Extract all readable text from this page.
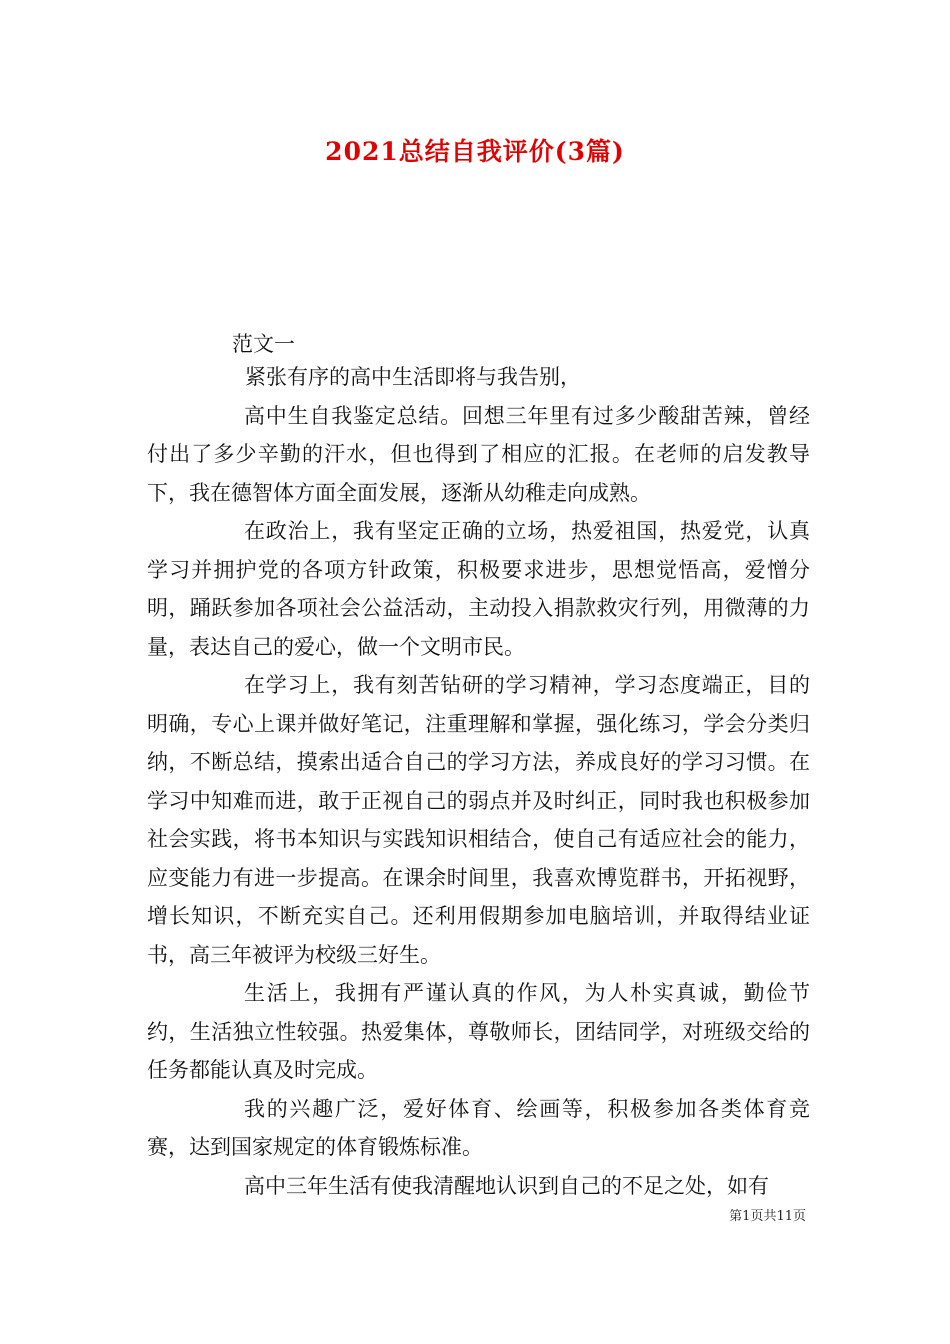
2021总结自我评价(3篇)
范文一

紧张有序的高中生活即将与我告别，

高中生自我鉴定总结。回想三年里有过多少酸甜苦辣，曾经付出了多少辛勤的汗水，但也得到了相应的汇报。在老师的启发教导下，我在德智体方面全面发展，逐渐从幼稚走向成熟。

在政治上，我有坚定正确的立场，热爱祖国，热爱党，认真学习并拥护党的各项方针政策，积极要求进步，思想觉悟高，爱憎分明，踊跃参加各项社会公益活动，主动投入捐款救灾行列，用微薄的力量，表达自己的爱心，做一个文明市民。

在学习上，我有刻苦钻研的学习精神，学习态度端正，目的明确，专心上课并做好笔记，注重理解和掌握，强化练习，学会分类归纳，不断总结，摸索出适合自己的学习方法，养成良好的学习习惯。在学习中知难而进，敢于正视自己的弱点并及时纠正，同时我也积极参加社会实践，将书本知识与实践知识相结合，使自己有适应社会的能力，应变能力有进一步提高。在课余时间里，我喜欢博览群书，开拓视野，增长知识，不断充实自己。还利用假期参加电脑培训，并取得结业证书，高三年被评为校级三好生。

生活上，我拥有严谨认真的作风，为人朴实真诚，勤俭节约，生活独立性较强。热爱集体，尊敬师长，团结同学，对班级交给的任务都能认真及时完成。

我的兴趣广泛，爱好体育、绘画等，积极参加各类体育竞赛，达到国家规定的体育锻炼标准。

高中三年生活有使我清醒地认识到自己的不足之处，如有

第1页共11页
